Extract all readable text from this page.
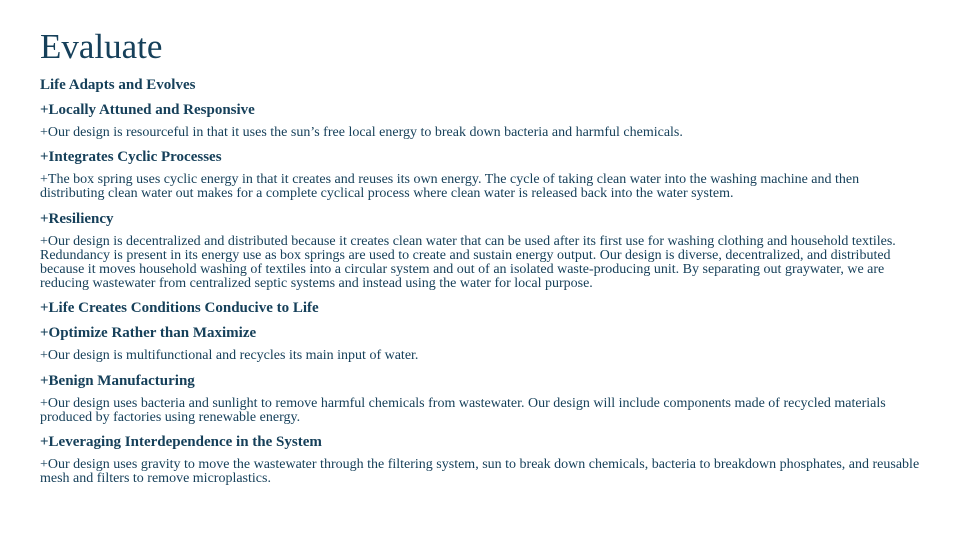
Evaluate
Life Adapts and Evolves
+Locally Attuned and Responsive
+Our design is resourceful in that it uses the sun’s free local energy to break down bacteria and harmful chemicals.
+Integrates Cyclic Processes
+The box spring uses cyclic energy in that it creates and reuses its own energy. The cycle of taking clean water into the washing machine and then distributing clean water out makes for a complete cyclical process where clean water is released back into the water system.
+Resiliency
+Our design is decentralized and distributed because it creates clean water that can be used after its first use for washing clothing and household textiles. Redundancy is present in its energy use as box springs are used to create and sustain energy output. Our design is diverse, decentralized, and distributed because it moves household washing of textiles into a circular system and out of an isolated waste-producing unit. By separating out graywater, we are reducing wastewater from centralized septic systems and instead using the water for local purpose.
+Life Creates Conditions Conducive to Life
+Optimize Rather than Maximize
+Our design is multifunctional and recycles its main input of water.
+Benign Manufacturing
+Our design uses bacteria and sunlight to remove harmful chemicals from wastewater. Our design will include components made of recycled materials produced by factories using renewable energy.
+Leveraging Interdependence in the System
+Our design uses gravity to move the wastewater through the filtering system, sun to break down chemicals, bacteria to breakdown phosphates, and reusable mesh and filters to remove microplastics.
